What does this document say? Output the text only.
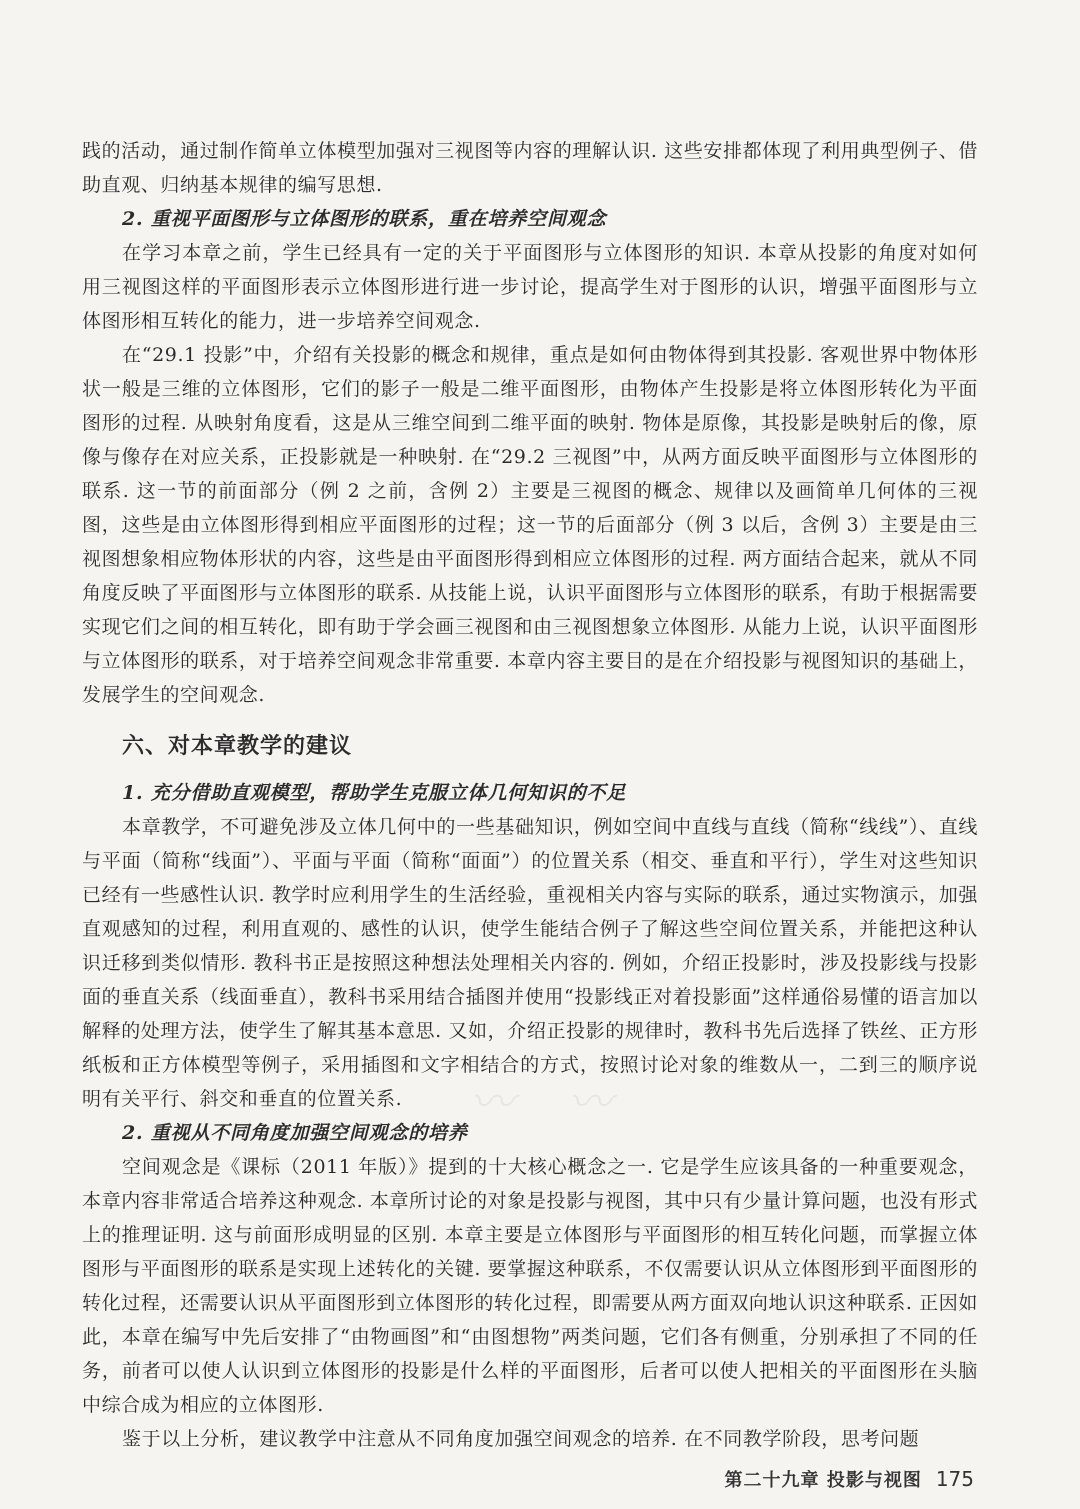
〰 〰

践的活动，通过制作简单立体模型加强对三视图等内容的理解认识. 这些安排都体现了利用典型例子、借助直观、归纳基本规律的编写思想.

2. 重视平面图形与立体图形的联系，重在培养空间观念

在学习本章之前，学生已经具有一定的关于平面图形与立体图形的知识. 本章从投影的角度对如何用三视图这样的平面图形表示立体图形进行进一步讨论，提高学生对于图形的认识，增强平面图形与立体图形相互转化的能力，进一步培养空间观念.

在“29.1 投影”中，介绍有关投影的概念和规律，重点是如何由物体得到其投影. 客观世界中物体形状一般是三维的立体图形，它们的影子一般是二维平面图形，由物体产生投影是将立体图形转化为平面图形的过程. 从映射角度看，这是从三维空间到二维平面的映射. 物体是原像，其投影是映射后的像，原像与像存在对应关系，正投影就是一种映射. 在“29.2 三视图”中，从两方面反映平面图形与立体图形的联系. 这一节的前面部分（例 2 之前，含例 2）主要是三视图的概念、规律以及画简单几何体的三视图，这些是由立体图形得到相应平面图形的过程；这一节的后面部分（例 3 以后，含例 3）主要是由三视图想象相应物体形状的内容，这些是由平面图形得到相应立体图形的过程. 两方面结合起来，就从不同角度反映了平面图形与立体图形的联系. 从技能上说，认识平面图形与立体图形的联系，有助于根据需要实现它们之间的相互转化，即有助于学会画三视图和由三视图想象立体图形. 从能力上说，认识平面图形与立体图形的联系，对于培养空间观念非常重要. 本章内容主要目的是在介绍投影与视图知识的基础上，发展学生的空间观念.

六、对本章教学的建议

1. 充分借助直观模型，帮助学生克服立体几何知识的不足

本章教学，不可避免涉及立体几何中的一些基础知识，例如空间中直线与直线（简称“线线”）、直线与平面（简称“线面”）、平面与平面（简称“面面”）的位置关系（相交、垂直和平行），学生对这些知识已经有一些感性认识. 教学时应利用学生的生活经验，重视相关内容与实际的联系，通过实物演示，加强直观感知的过程，利用直观的、感性的认识，使学生能结合例子了解这些空间位置关系，并能把这种认识迁移到类似情形. 教科书正是按照这种想法处理相关内容的. 例如，介绍正投影时，涉及投影线与投影面的垂直关系（线面垂直），教科书采用结合插图并使用“投影线正对着投影面”这样通俗易懂的语言加以解释的处理方法，使学生了解其基本意思. 又如，介绍正投影的规律时，教科书先后选择了铁丝、正方形纸板和正方体模型等例子，采用插图和文字相结合的方式，按照讨论对象的维数从一，二到三的顺序说明有关平行、斜交和垂直的位置关系.

2. 重视从不同角度加强空间观念的培养

空间观念是《课标（2011 年版）》提到的十大核心概念之一. 它是学生应该具备的一种重要观念，本章内容非常适合培养这种观念. 本章所讨论的对象是投影与视图，其中只有少量计算问题，也没有形式上的推理证明. 这与前面形成明显的区别. 本章主要是立体图形与平面图形的相互转化问题，而掌握立体图形与平面图形的联系是实现上述转化的关键. 要掌握这种联系，不仅需要认识从立体图形到平面图形的转化过程，还需要认识从平面图形到立体图形的转化过程，即需要从两方面双向地认识这种联系. 正因如此，本章在编写中先后安排了“由物画图”和“由图想物”两类问题，它们各有侧重，分别承担了不同的任务，前者可以使人认识到立体图形的投影是什么样的平面图形，后者可以使人把相关的平面图形在头脑中综合成为相应的立体图形.

鉴于以上分析，建议教学中注意从不同角度加强空间观念的培养. 在不同教学阶段，思考问题

第二十九章 投影与视图 175
